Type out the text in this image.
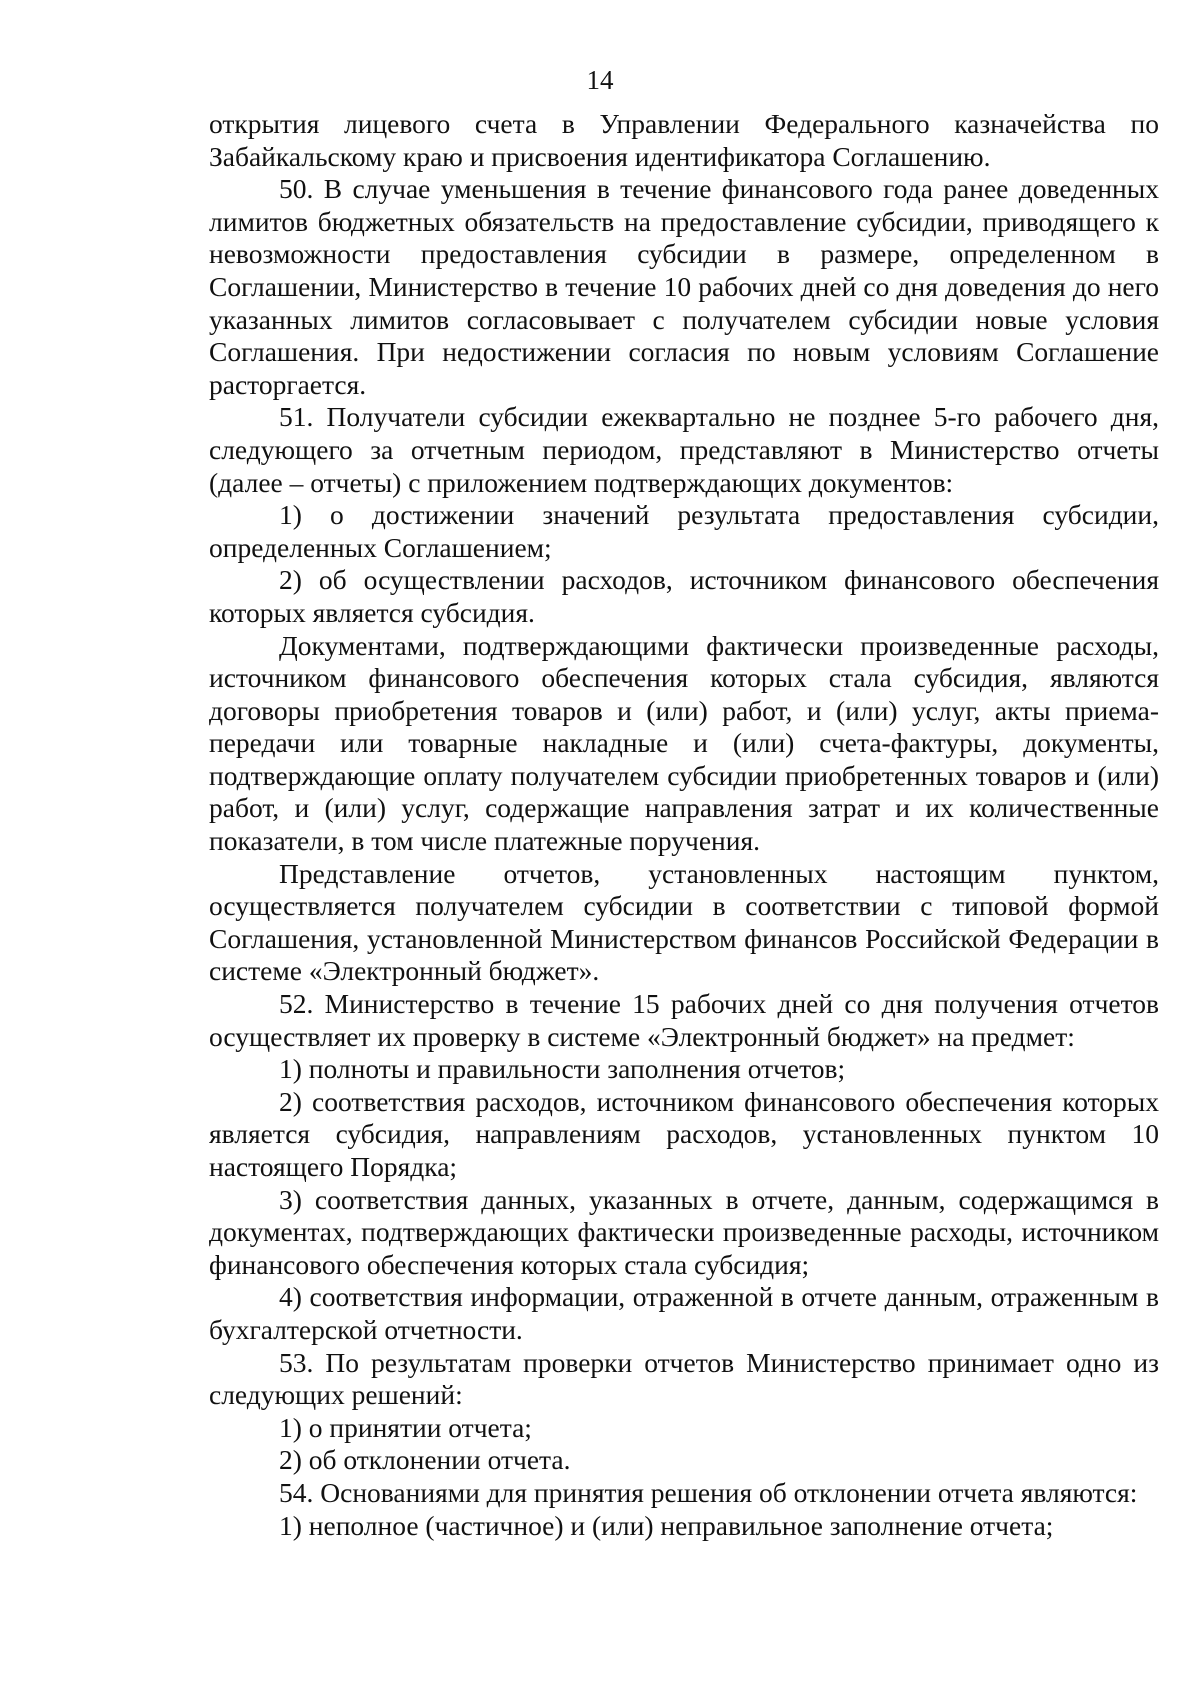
14

открытия лицевого счета в Управлении Федерального казначейства по Забайкальскому краю и присвоения идентификатора Соглашению.

50. В случае уменьшения в течение финансового года ранее доведенных лимитов бюджетных обязательств на предоставление субсидии, приводящего к невозможности предоставления субсидии в размере, определенном в Соглашении, Министерство в течение 10 рабочих дней со дня доведения до него указанных лимитов согласовывает с получателем субсидии новые условия Соглашения. При недостижении согласия по новым условиям Соглашение расторгается.

51. Получатели субсидии ежеквартально не позднее 5-го рабочего дня, следующего за отчетным периодом, представляют в Министерство отчеты (далее – отчеты) с приложением подтверждающих документов:

1) о достижении значений результата предоставления субсидии, определенных Соглашением;

2) об осуществлении расходов, источником финансового обеспечения которых является субсидия.

Документами, подтверждающими фактически произведенные расходы, источником финансового обеспечения которых стала субсидия, являются договоры приобретения товаров и (или) работ, и (или) услуг, акты приема-передачи или товарные накладные и (или) счета-фактуры, документы, подтверждающие оплату получателем субсидии приобретенных товаров и (или) работ, и (или) услуг, содержащие направления затрат и их количественные показатели, в том числе платежные поручения.

Представление отчетов, установленных настоящим пунктом, осуществляется получателем субсидии в соответствии с типовой формой Соглашения, установленной Министерством финансов Российской Федерации в системе «Электронный бюджет».

52. Министерство в течение 15 рабочих дней со дня получения отчетов осуществляет их проверку в системе «Электронный бюджет» на предмет:

1) полноты и правильности заполнения отчетов;

2) соответствия расходов, источником финансового обеспечения которых является субсидия, направлениям расходов, установленных пунктом 10 настоящего Порядка;

3) соответствия данных, указанных в отчете, данным, содержащимся в документах, подтверждающих фактически произведенные расходы, источником финансового обеспечения которых стала субсидия;

4) соответствия информации, отраженной в отчете данным, отраженным в бухгалтерской отчетности.

53. По результатам проверки отчетов Министерство принимает одно из следующих решений:

1) о принятии отчета;

2) об отклонении отчета.

54. Основаниями для принятия решения об отклонении отчета являются:

1) неполное (частичное) и (или) неправильное заполнение отчета;
